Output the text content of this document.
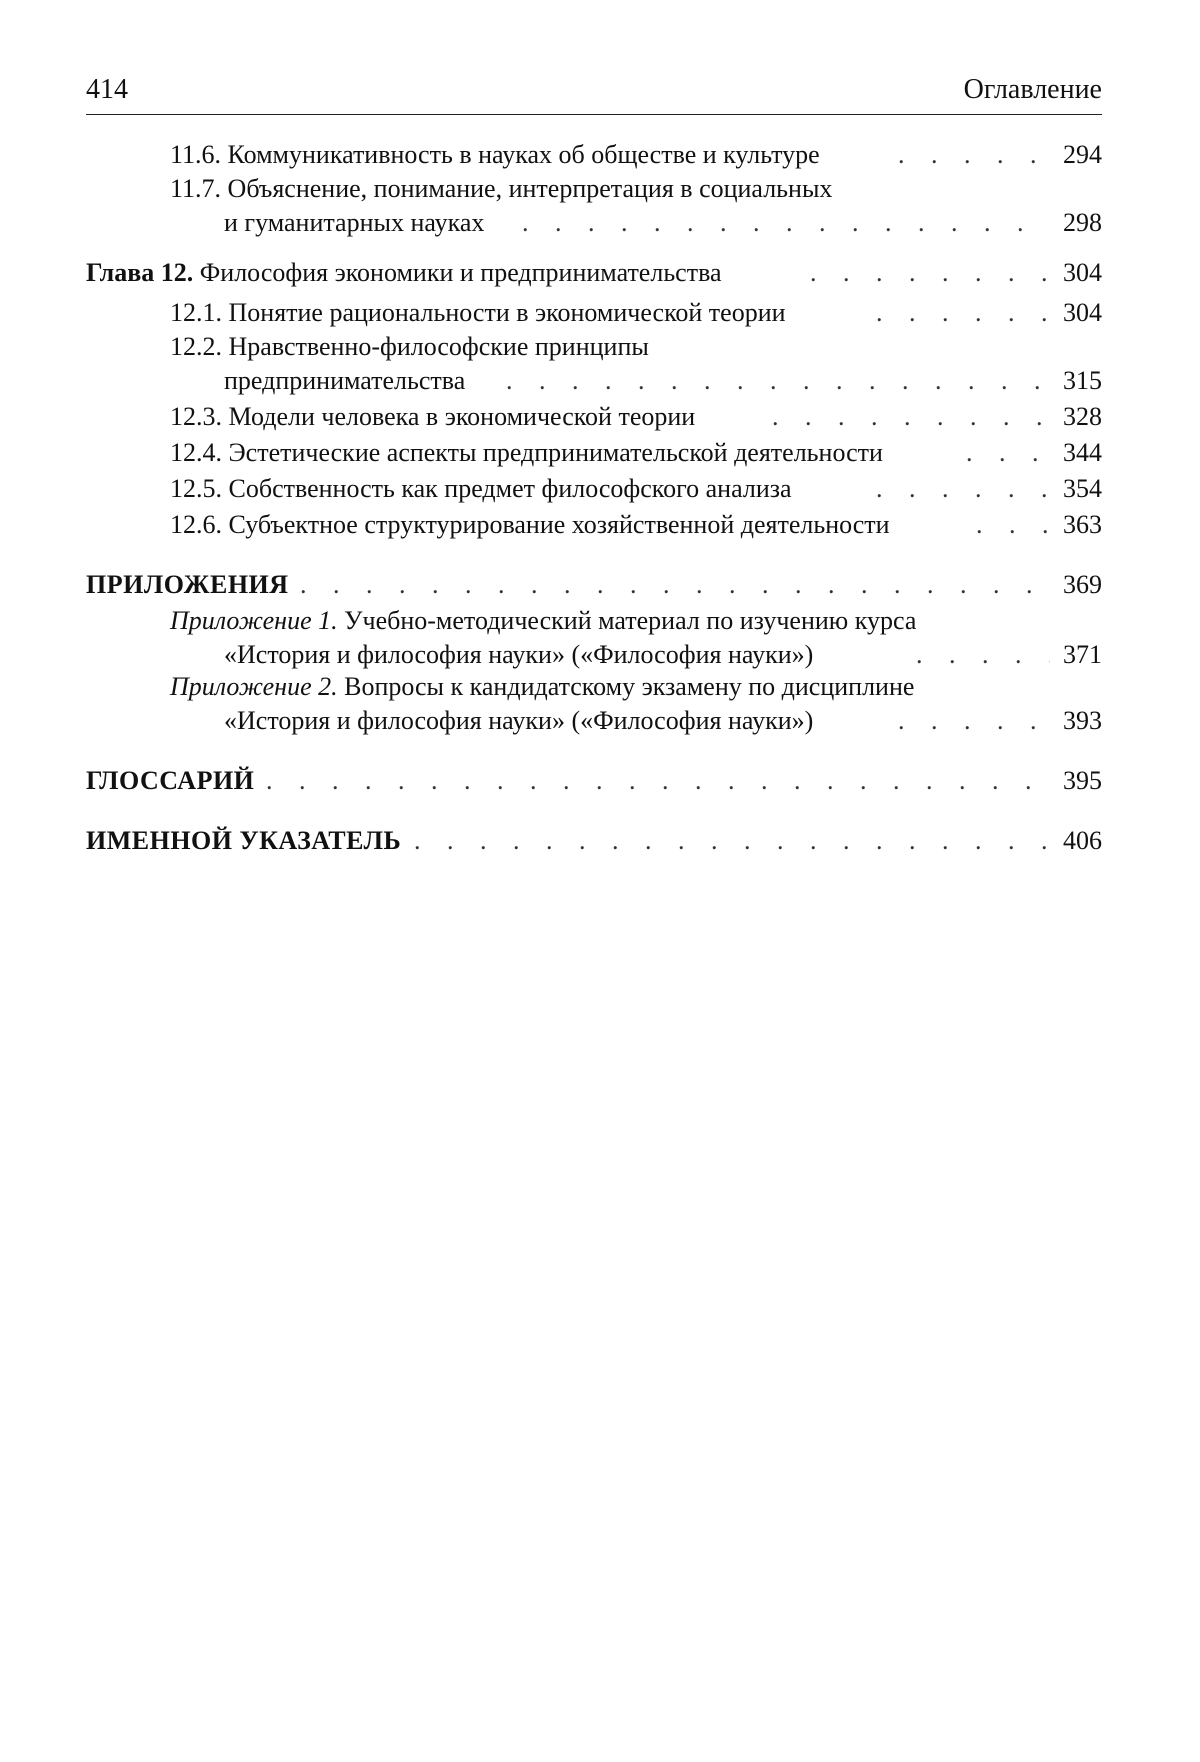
414	Оглавление
11.6. Коммуникативность в науках об обществе и культуре . . .	294
11.7. Объяснение, понимание, интерпретация в социальных
и гуманитарных науках . . .	298
Глава 12. Философия экономики и предпринимательства . . .	304
12.1. Понятие рациональности в экономической теории . . .	304
12.2. Нравственно-философские принципы
предпринимательства . . .	315
12.3. Модели человека в экономической теории . . .	328
12.4. Эстетические аспекты предпринимательской деятельности . . .	344
12.5. Собственность как предмет философского анализа . . .	354
12.6. Субъектное структурирование хозяйственной деятельности . . .	363
ПРИЛОЖЕНИЯ . . .	369
Приложение 1. Учебно-методический материал по изучению курса
«История и философия науки» («Философия науки») . . .	371
Приложение 2. Вопросы к кандидатскому экзамену по дисциплине
«История и философия науки» («Философия науки») . . .	393
ГЛОССАРИЙ . . .	395
ИМЕННОЙ УКАЗАТЕЛЬ . . .	406
